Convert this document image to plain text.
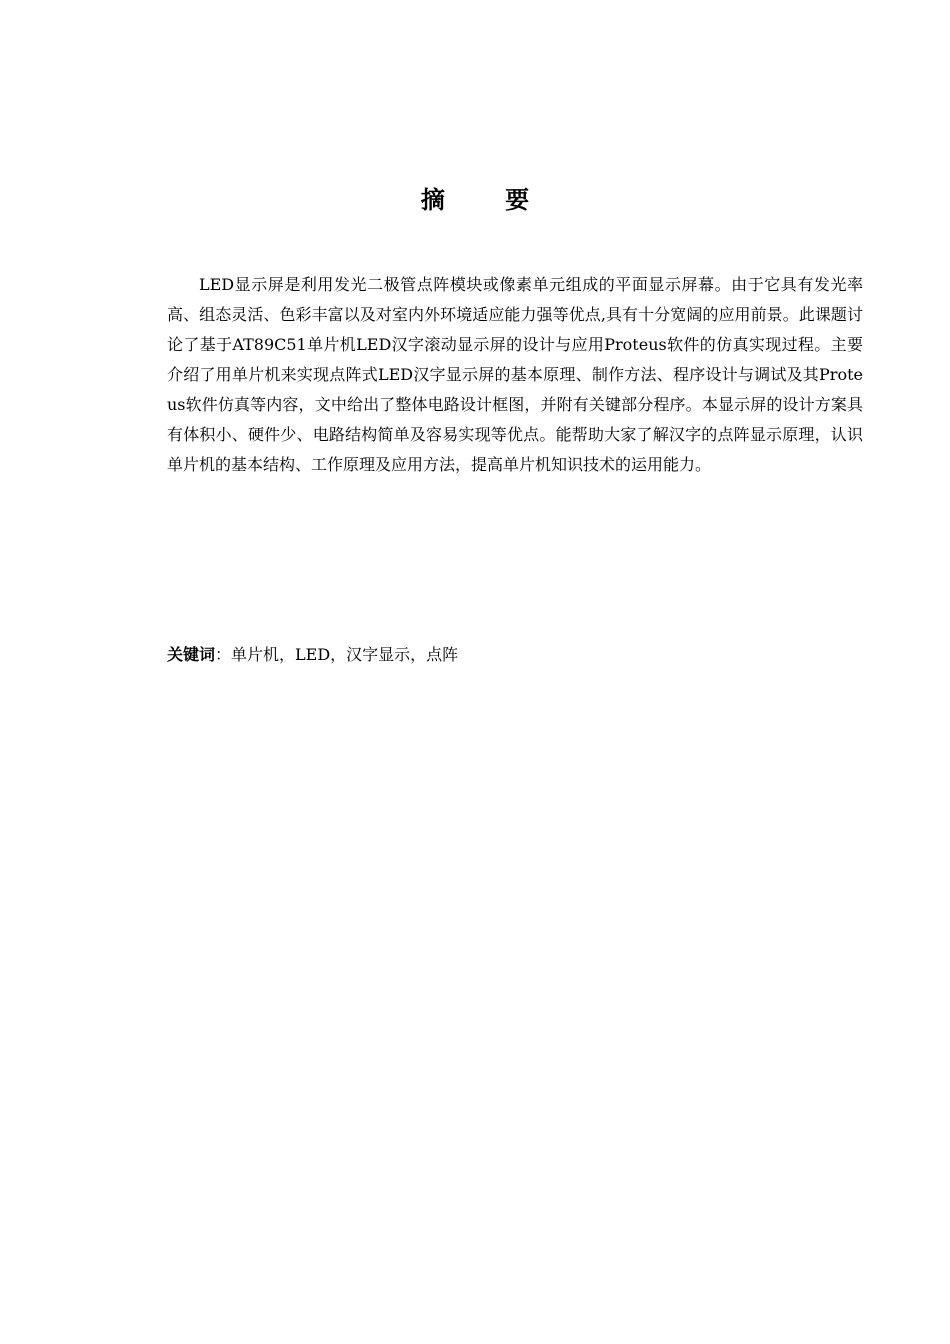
摘 要

LED显示屏是利用发光二极管点阵模块或像素单元组成的平面显示屏幕。由于它具有发光率高、组态灵活、色彩丰富以及对室内外环境适应能力强等优点,具有十分宽阔的应用前景。此课题讨论了基于AT89C51单片机LED汉字滚动显示屏的设计与应用Proteus软件的仿真实现过程。主要介绍了用单片机来实现点阵式LED汉字显示屏的基本原理、制作方法、程序设计与调试及其Proteus软件仿真等内容，文中给出了整体电路设计框图，并附有关键部分程序。本显示屏的设计方案具有体积小、硬件少、电路结构简单及容易实现等优点。能帮助大家了解汉字的点阵显示原理，认识单片机的基本结构、工作原理及应用方法，提高单片机知识技术的运用能力。

关键词：单片机，LED，汉字显示，点阵
